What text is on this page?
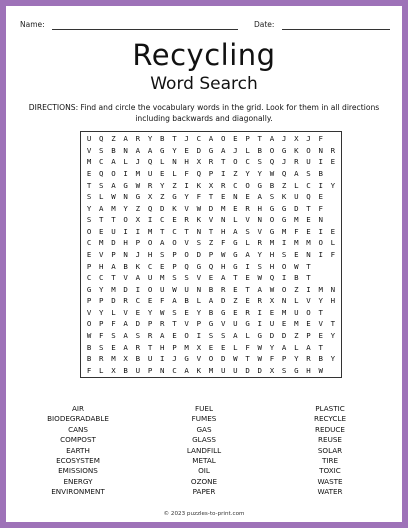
Name:	Date:
Recycling
Word Search
DIRECTIONS: Find and circle the vocabulary words in the grid. Look for them in all directions including backwards and diagonally.
U	Q	Z	A	R	Y	B	T	J	C	A	O	E	P	T	A	J	X	J	F
V	S	B	N	A	A	G	Y	E	D	G	A	J	L	B	O	G	K	O	N	R
M	C	A	L	J	Q	L	N	H	X	R	T	O	C	S	Q	J	R	U	I	E
E	Q	O	I	M	U	E	L	F	Q	P	I	Z	Y	Y	W	Q	A	S	B
T	S	A	G	W	R	Y	Z	I	K	X	R	C	O	G	B	Z	L	C	I	Y
S	L	W	N	G	X	Z	G	Y	F	T	E	N	E	A	S	K	U	Q	E
Y	A	M	Y	Z	Q	D	K	V	W	D	M	E	R	H	G	G	D	T	F
S	T	T	O	X	I	C	E	R	K	V	N	L	V	N	O	G	M	E	N
O	E	U	I	I	M	T	C	T	N	T	H	A	S	V	G	M	F	E	I	E
C	M	D	H	P	O	A	O	V	S	Z	F	G	L	R	M	I	M	M	O	L
E	V	P	N	J	H	S	P	O	D	P	W	G	A	Y	H	S	E	N	I	F
P	H	A	B	K	C	E	P	Q	G	Q	H	G	I	S	H	O	W	T
C	C	T	V	A	U	M	S	S	V	E	A	T	E	W	Q	I	B	T
G	Y	M	D	I	O	U	W	U	N	B	R	E	T	A	W	O	Z	I	M	N
P	P	D	R	C	E	F	A	B	L	A	D	Z	E	R	X	N	L	V	Y	H
V	Y	L	V	E	Y	W	S	E	Y	B	G	E	R	I	E	M	U	O	T
O	P	F	A	D	P	R	T	V	P	G	V	U	G	I	U	E	M	E	V	T
W	F	S	A	S	R	A	E	O	I	S	S	A	L	G	D	D	Z	P	E	Y
B	S	E	A	R	T	H	P	M	X	E	E	L	F	W	Y	A	L	A	T
B	R	M	X	B	U	I	J	G	V	O	D	W	T	W	F	P	Y	R	B	Y
F	L	X	B	U	P	N	C	A	K	M	U	U	D	D	X	S	G	H	W
AIR
BIODEGRADABLE
CANS
COMPOST
EARTH
ECOSYSTEM
EMISSIONS
ENERGY
ENVIRONMENT
FUEL
FUMES
GAS
GLASS
LANDFILL
METAL
OIL
OZONE
PAPER
PLASTIC
RECYCLE
REDUCE
REUSE
SOLAR
TIRE
TOXIC
WASTE
WATER
© 2023 puzzles-to-print.com
